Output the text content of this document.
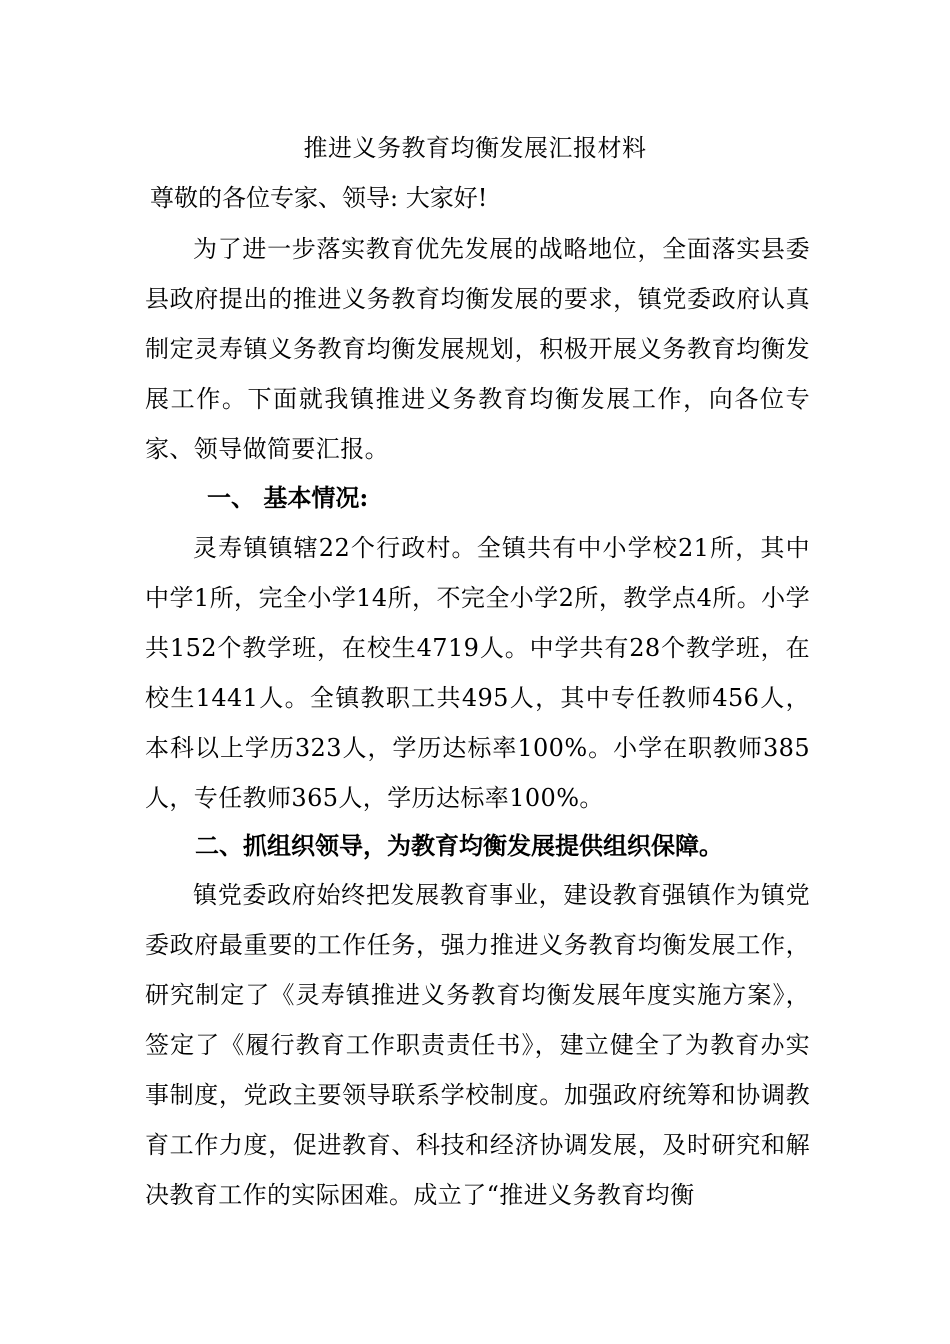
推进义务教育均衡发展汇报材料
尊敬的各位专家、领导: 大家好!

为了进一步落实教育优先发展的战略地位，全面落实县委县政府提出的推进义务教育均衡发展的要求，镇党委政府认真制定灵寿镇义务教育均衡发展规划，积极开展义务教育均衡发展工作。下面就我镇推进义务教育均衡发展工作，向各位专家、领导做简要汇报。

一、 基本情况:

灵寿镇镇辖22个行政村。全镇共有中小学校21所，其中中学1所，完全小学14所，不完全小学2所，教学点4所。小学共152个教学班，在校生4719人。中学共有28个教学班，在校生1441人。全镇教职工共495人，其中专任教师456人，本科以上学历323人，学历达标率100%。小学在职教师385人，专任教师365人，学历达标率100%。

二、抓组织领导，为教育均衡发展提供组织保障。

镇党委政府始终把发展教育事业，建设教育强镇作为镇党委政府最重要的工作任务，强力推进义务教育均衡发展工作，研究制定了《灵寿镇推进义务教育均衡发展年度实施方案》，签定了《履行教育工作职责责任书》，建立健全了为教育办实事制度，党政主要领导联系学校制度。加强政府统筹和协调教育工作力度，促进教育、科技和经济协调发展，及时研究和解决教育工作的实际困难。成立了“推进义务教育均衡
